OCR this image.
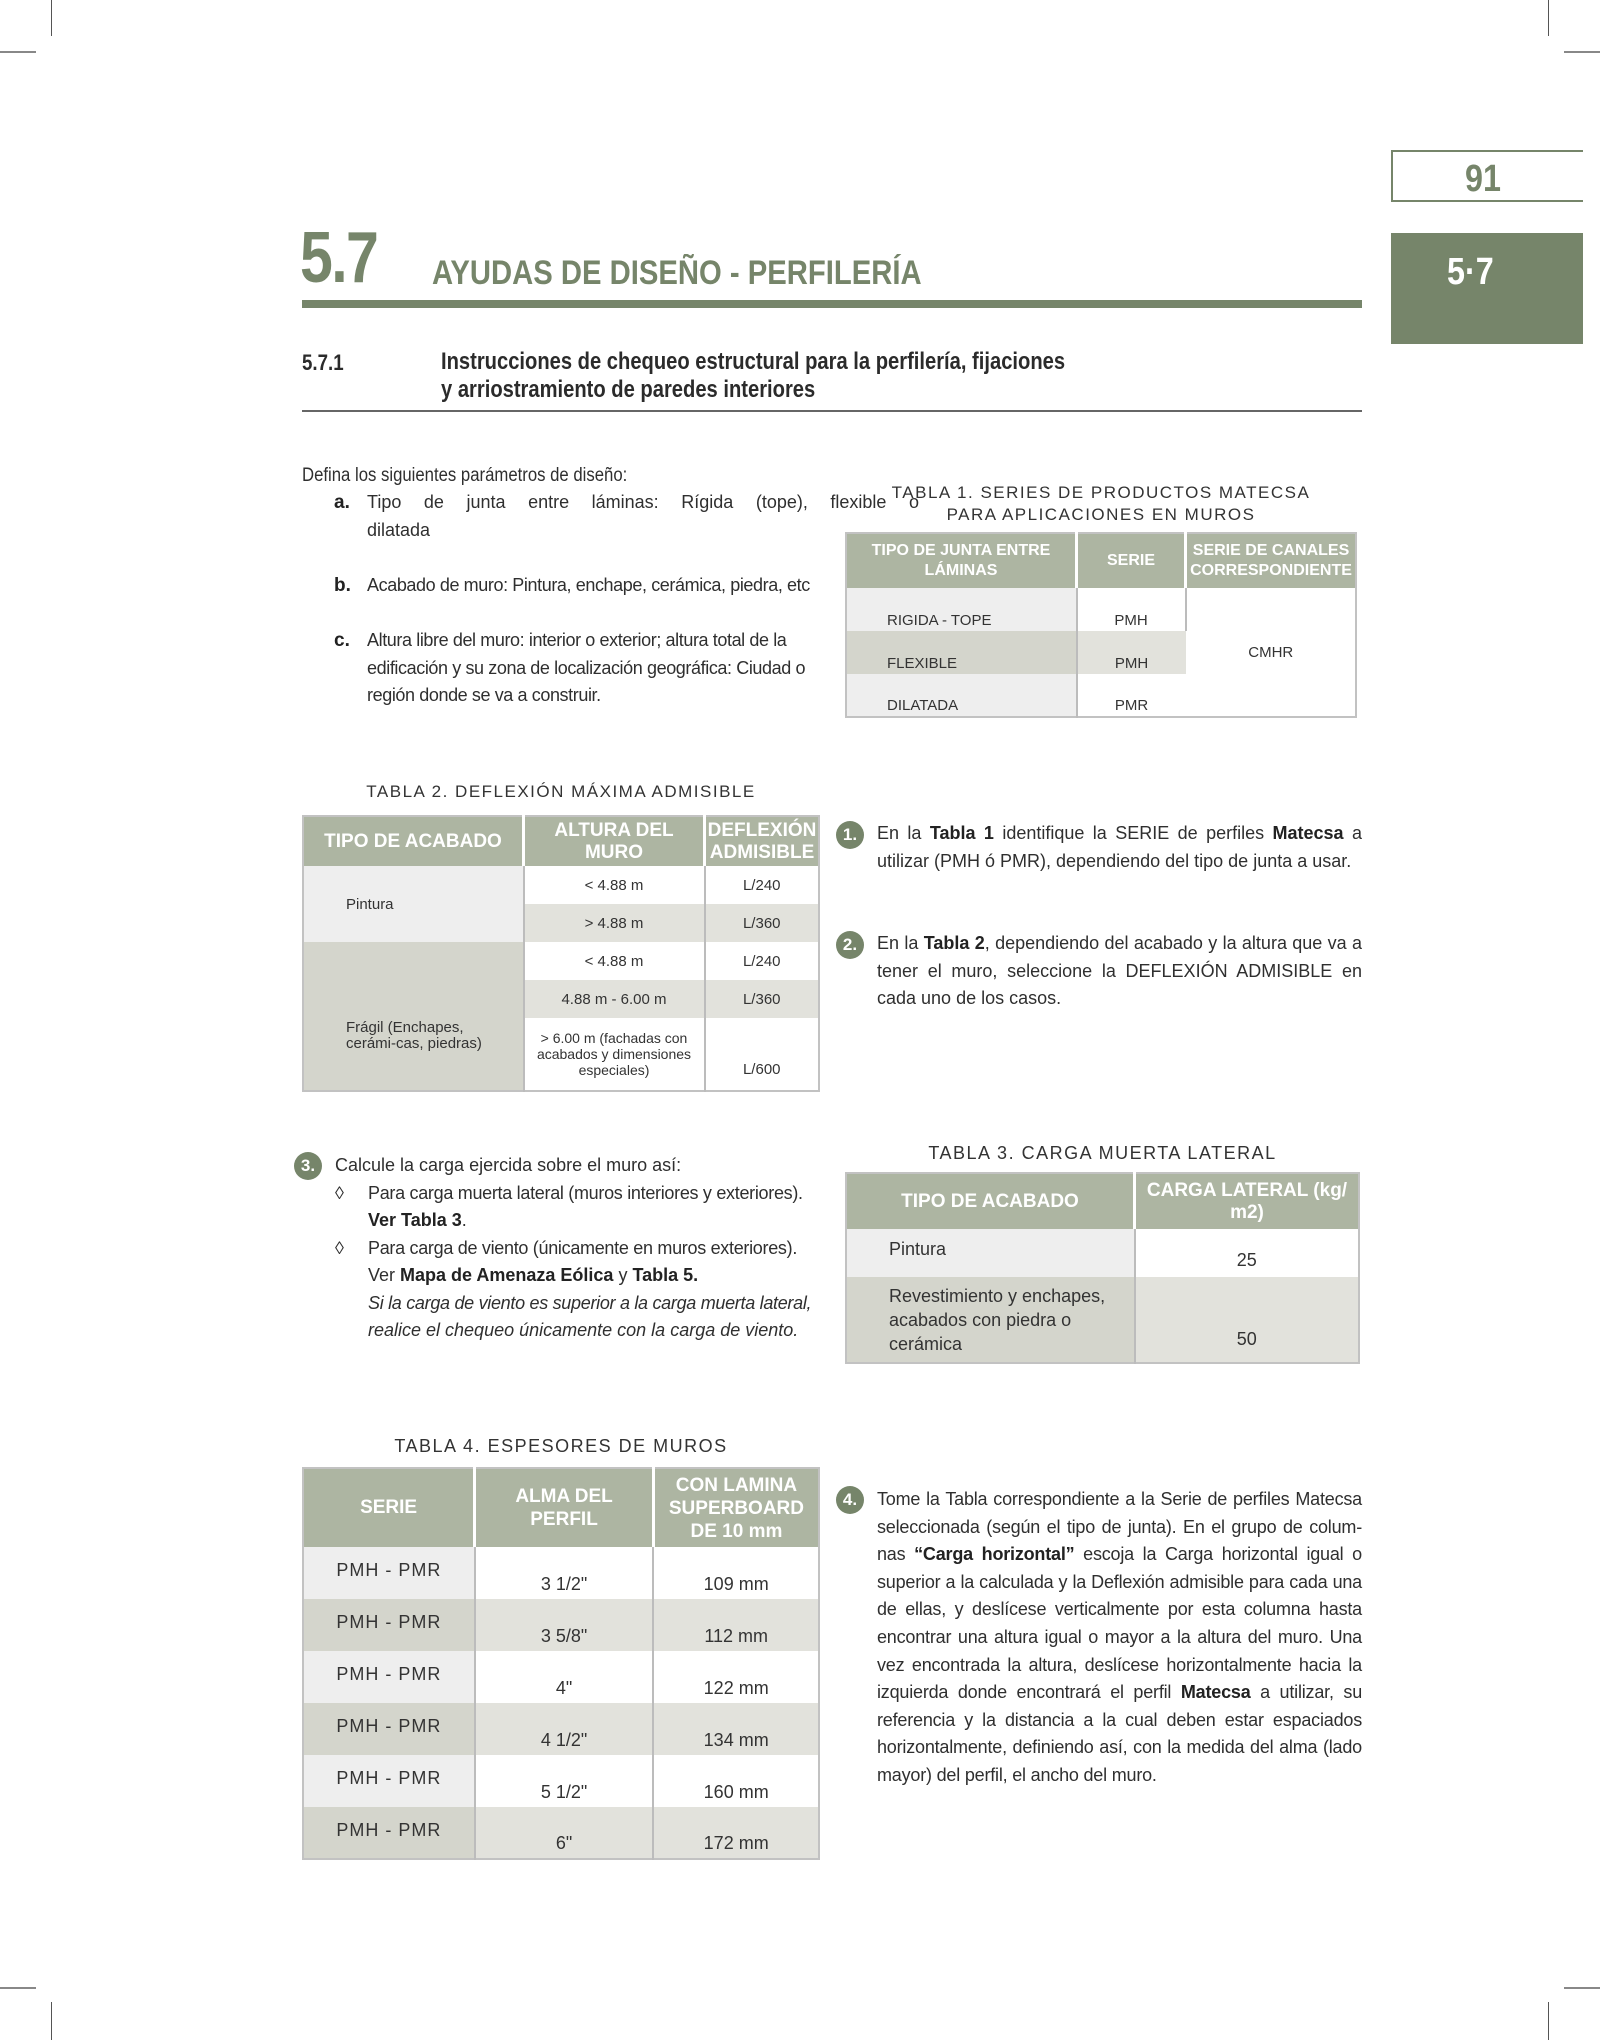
91
5·7
5.7 AYUDAS DE DISEÑO - PERFILERÍA
5.7.1	Instrucciones de chequeo estructural para la perfilería, fijaciones
y arriostramiento de paredes interiores
Defina los siguientes parámetros de diseño:
a. Tipo de junta entre láminas: Rígida (tope), flexible o
dilatada
b. Acabado de muro: Pintura, enchape, cerámica, piedra, etc
c. Altura libre del muro: interior o exterior; altura total de la
edificación y su zona de localización geográfica: Ciudad o
región donde se va a construir.
TABLA 1. SERIES DE PRODUCTOS MATECSA
PARA APLICACIONES EN MUROS
TIPO DE JUNTA ENTRE LÁMINAS	SERIE	SERIE DE CANALES CORRESPONDIENTE
RIGIDA - TOPE	PMH	CMHR
FLEXIBLE	PMH	
DILATADA	PMR	
TABLA 2. DEFLEXIÓN MÁXIMA ADMISIBLE
TIPO DE ACABADO	ALTURA DEL MURO	DEFLEXIÓN ADMISIBLE
Pintura	< 4.88 m	L/240
	> 4.88 m	L/360
Frágil (Enchapes, cerámi-cas, piedras)	< 4.88 m	L/240
	4.88 m - 6.00 m	L/360
	> 6.00 m (fachadas con acabados y dimensiones especiales)	L/600
1.	En la Tabla 1 identifique la SERIE de perfiles Matecsa a utilizar (PMH ó PMR), dependiendo del tipo de junta a usar.
2.	En la Tabla 2, dependiendo del acabado y la altura que va a tener el muro, seleccione la DEFLEXIÓN ADMISIBLE en cada uno de los casos.
3.	Calcule la carga ejercida sobre el muro así:
◊ Para carga muerta lateral (muros interiores y exteriores).
Ver Tabla 3.
◊ Para carga de viento (únicamente en muros exteriores).
Ver Mapa de Amenaza Eólica y Tabla 5.
Si la carga de viento es superior a la carga muerta lateral,
realice el chequeo únicamente con la carga de viento.
TABLA 3. CARGA MUERTA LATERAL
TIPO DE ACABADO	CARGA LATERAL (kg/ m2)
Pintura	25
Revestimiento y enchapes, acabados con piedra o cerámica	50
TABLA 4. ESPESORES DE MUROS
SERIE	ALMA DEL PERFIL	CON LAMINA SUPERBOARD DE 10 mm
PMH - PMR	3 1/2"	109 mm
PMH - PMR	3 5/8"	112 mm
PMH - PMR	4"	122 mm
PMH - PMR	4 1/2"	134 mm
PMH - PMR	5 1/2"	160 mm
PMH - PMR	6"	172 mm
4.	Tome la Tabla correspondiente a la Serie de perfiles Matecsa seleccionada (según el tipo de junta). En el grupo de colum-nas “Carga horizontal” escoja la Carga horizontal igual o superior a la calculada y la Deflexión admisible para cada una de ellas, y deslícese verticalmente por esta columna hasta encontrar una altura igual o mayor a la altura del muro. Una vez encontrada la altura, deslícese horizontalmente hacia la izquierda donde encontrará el perfil Matecsa a utilizar, su referencia y la distancia a la cual deben estar espaciados horizontalmente, definiendo así, con la medida del alma (lado mayor) del perfil, el ancho del muro.
